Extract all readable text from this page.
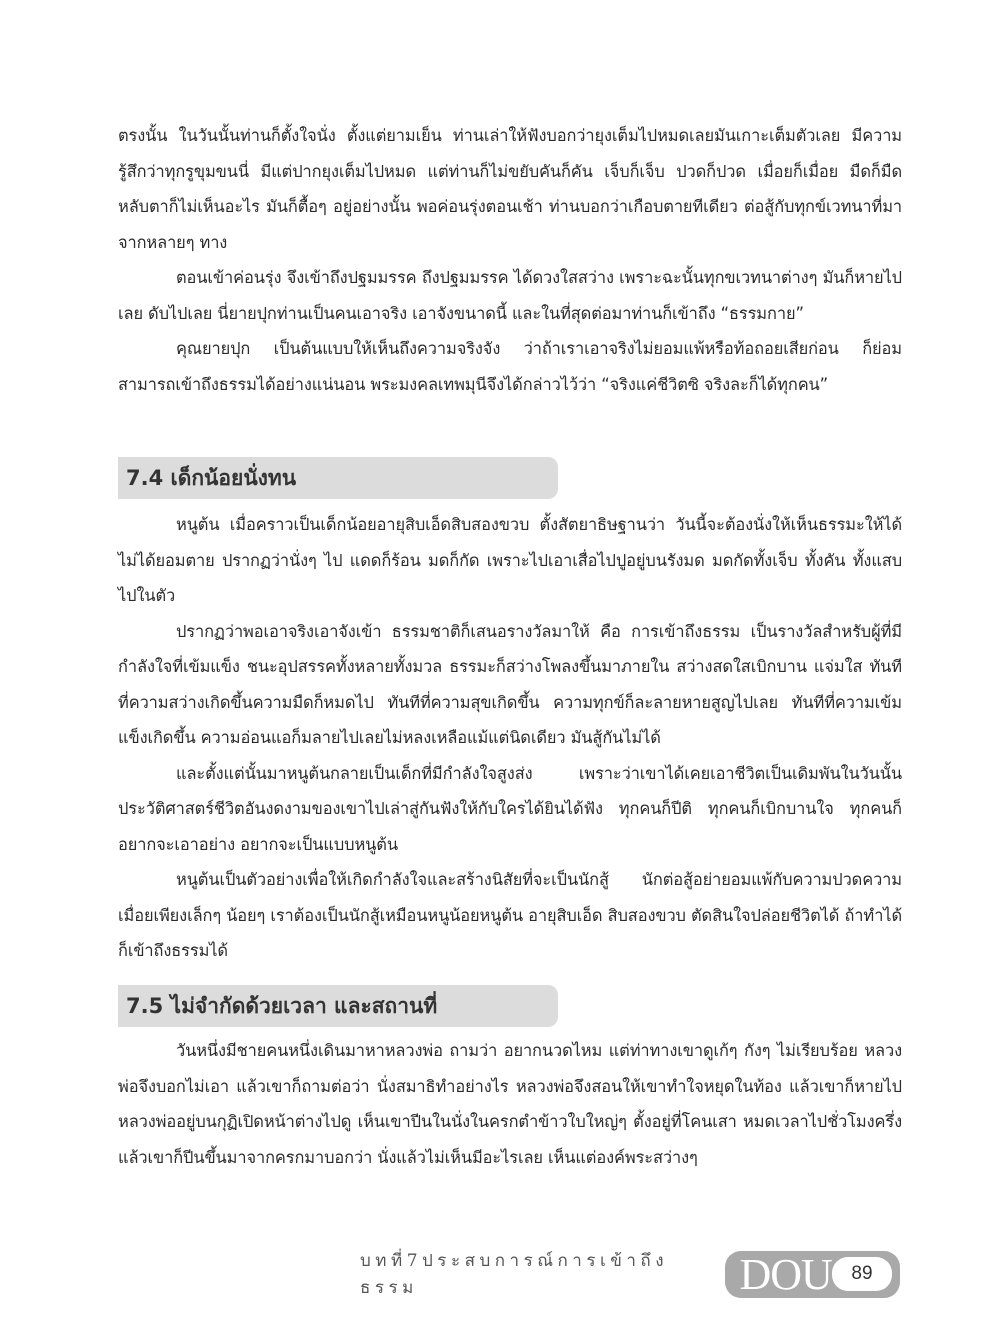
ตรงนั้น ในวันนั้นท่านก็ตั้งใจนั่ง ตั้งแต่ยามเย็น ท่านเล่าให้ฟังบอกว่ายุงเต็มไปหมดเลยมันเกาะเต็มตัวเลย มีความรู้สึกว่าทุกรูขุมขนนี่ มีแต่ปากยุงเต็มไปหมด แต่ท่านก็ไม่ขยับคันก็คัน เจ็บก็เจ็บ ปวดก็ปวด เมื่อยก็เมื่อย มืดก็มืด หลับตาก็ไม่เห็นอะไร มันก็ตื้อๆ อยู่อย่างนั้น พอค่อนรุ่งตอนเช้า ท่านบอกว่าเกือบตายทีเดียว ต่อสู้กับทุกข์เวทนาที่มาจากหลายๆ ทาง

ตอนเข้าค่อนรุ่ง จึงเข้าถึงปฐมมรรค ถึงปฐมมรรค ได้ดวงใสสว่าง เพราะฉะนั้นทุกขเวทนาต่างๆ มันก็หายไปเลย ดับไปเลย นี่ยายปุกท่านเป็นคนเอาจริง เอาจังขนาดนี้ และในที่สุดต่อมาท่านก็เข้าถึง “ธรรมกาย”

คุณยายปุก เป็นต้นแบบให้เห็นถึงความจริงจัง ว่าถ้าเราเอาจริงไม่ยอมแพ้หรือท้อถอยเสียก่อน ก็ย่อมสามารถเข้าถึงธรรมได้อย่างแน่นอน พระมงคลเทพมุนีจึงได้กล่าวไว้ว่า “จริงแค่ชีวิตซิ จริงละก็ได้ทุกคน”

7.4 เด็กน้อยนั่งทน

หนูต้น เมื่อคราวเป็นเด็กน้อยอายุสิบเอ็ดสิบสองขวบ ตั้งสัตยาธิษฐานว่า วันนี้จะต้องนั่งให้เห็นธรรมะให้ได้ ไม่ได้ยอมตาย ปรากฏว่านั่งๆ ไป แดดก็ร้อน มดก็กัด เพราะไปเอาเสื่อไปปูอยู่บนรังมด มดกัดทั้งเจ็บ ทั้งคัน ทั้งแสบไปในตัว

ปรากฏว่าพอเอาจริงเอาจังเข้า ธรรมชาติก็เสนอรางวัลมาให้ คือ การเข้าถึงธรรม เป็นรางวัลสำหรับผู้ที่มีกำลังใจที่เข้มแข็ง ชนะอุปสรรคทั้งหลายทั้งมวล ธรรมะก็สว่างโพลงขึ้นมาภายใน สว่างสดใสเบิกบาน แจ่มใส ทันทีที่ความสว่างเกิดขึ้นความมืดก็หมดไป ทันทีที่ความสุขเกิดขึ้น ความทุกข์ก็ละลายหายสูญไปเลย ทันทีที่ความเข้มแข็งเกิดขึ้น ความอ่อนแอก็มลายไปเลยไม่หลงเหลือแม้แต่นิดเดียว มันสู้กันไม่ได้

และตั้งแต่นั้นมาหนูต้นกลายเป็นเด็กที่มีกำลังใจสูงส่ง เพราะว่าเขาได้เคยเอาชีวิตเป็นเดิมพันในวันนั้น ประวัติศาสตร์ชีวิตอันงดงามของเขาไปเล่าสู่กันฟังให้กับใครได้ยินได้ฟัง ทุกคนก็ปีติ ทุกคนก็เบิกบานใจ ทุกคนก็อยากจะเอาอย่าง อยากจะเป็นแบบหนูต้น

หนูต้นเป็นตัวอย่างเพื่อให้เกิดกำลังใจและสร้างนิสัยที่จะเป็นนักสู้ นักต่อสู้อย่ายอมแพ้กับความปวดความเมื่อยเพียงเล็กๆ น้อยๆ เราต้องเป็นนักสู้เหมือนหนูน้อยหนูต้น อายุสิบเอ็ด สิบสองขวบ ตัดสินใจปล่อยชีวิตได้ ถ้าทำได้ก็เข้าถึงธรรมได้

7.5 ไม่จำกัดด้วยเวลา และสถานที่

วันหนึ่งมีชายคนหนึ่งเดินมาหาหลวงพ่อ ถามว่า อยากนวดไหม แต่ท่าทางเขาดูเก้ๆ กังๆ ไม่เรียบร้อย หลวงพ่อจึงบอกไม่เอา แล้วเขาก็ถามต่อว่า นั่งสมาธิทำอย่างไร หลวงพ่อจึงสอนให้เขาทำใจหยุดในท้อง แล้วเขาก็หายไป หลวงพ่ออยู่บนกุฏิเปิดหน้าต่างไปดู เห็นเขาปีนในนั่งในครกตำข้าวใบใหญ่ๆ ตั้งอยู่ที่โคนเสา หมดเวลาไปชั่วโมงครึ่ง แล้วเขาก็ปีนขึ้นมาจากครกมาบอกว่า นั่งแล้วไม่เห็นมีอะไรเลย เห็นแต่องค์พระสว่างๆ

บทที่7ประสบการณ์การเข้าถึงธรรม	DOU	89
